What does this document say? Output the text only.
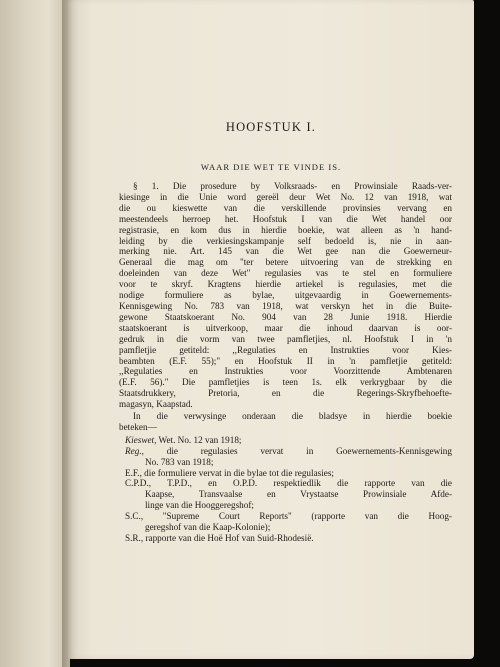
HOOFSTUK I.
WAAR DIE WET TE VINDE IS.
§ 1. Die prosedure by Volksraads- en Prowinsiale Raads-ver-
kiesinge in die Unie word gereël deur Wet No. 12 van 1918, wat
die ou kieswette van die verskillende provinsies vervang en
meestendeels herroep het. Hoofstuk I van die Wet handel oor
registrasie, en kom dus in hierdie boekie, wat alleen as 'n hand-
leiding by die verkiesingskampanje self bedoeld is, nie in aan-
merking nie. Art. 145 van die Wet gee nan die Goewerneur-
Generaal die mag om "ter betere uitvoering van de strekking en
doeleinden van deze Wet" regulasies vas te stel en formuliere
voor te skryf. Kragtens hierdie artiekel is regulasies, met die
nodige formuliere as bylae, uitgevaardig in Goewernements-
Kennisgewing No. 783 van 1918, wat verskyn het in die Buite-
gewone Staatskoerant No. 904 van 28 Junie 1918. Hierdie
staatskoerant is uitverkoop, maar die inhoud daarvan is oor-
gedruk in die vorm van twee pamfletjies, nl. Hoofstuk I in 'n
pamfletjie getiteld: ,,Regulaties en Instrukties voor Kies-
beambten (E.F. 55);" en Hoofstuk II in 'n pamfletjie getiteld:
,,Regulaties en Instrukties voor Voorzittende Ambtenaren
(E.F. 56)." Die pamfletjies is teen 1s. elk verkrygbaar by die
Staatsdrukkery, Pretoria, en die Regerings-Skryfbehoefte-
magasyn, Kaapstad.
In die verwysinge onderaan die bladsye in hierdie boekie
beteken—
Kieswet, Wet. No. 12 van 1918;
Reg., die regulasies vervat in Goewernements-Kennisgewing
No. 783 van 1918;
E.F., die formuliere vervat in die bylae tot die regulasies;
C.P.D., T.P.D., en O.P.D. respektiedlik die rapporte van die
Kaapse, Transvaalse en Vrystaatse Prowinsiale Afde-
linge van die Hooggeregshof;
S.C., "Supreme Court Reports" (rapporte van die Hoog-
geregshof van die Kaap-Kolonie);
S.R., rapporte van die Hoë Hof van Suid-Rhodesië.
